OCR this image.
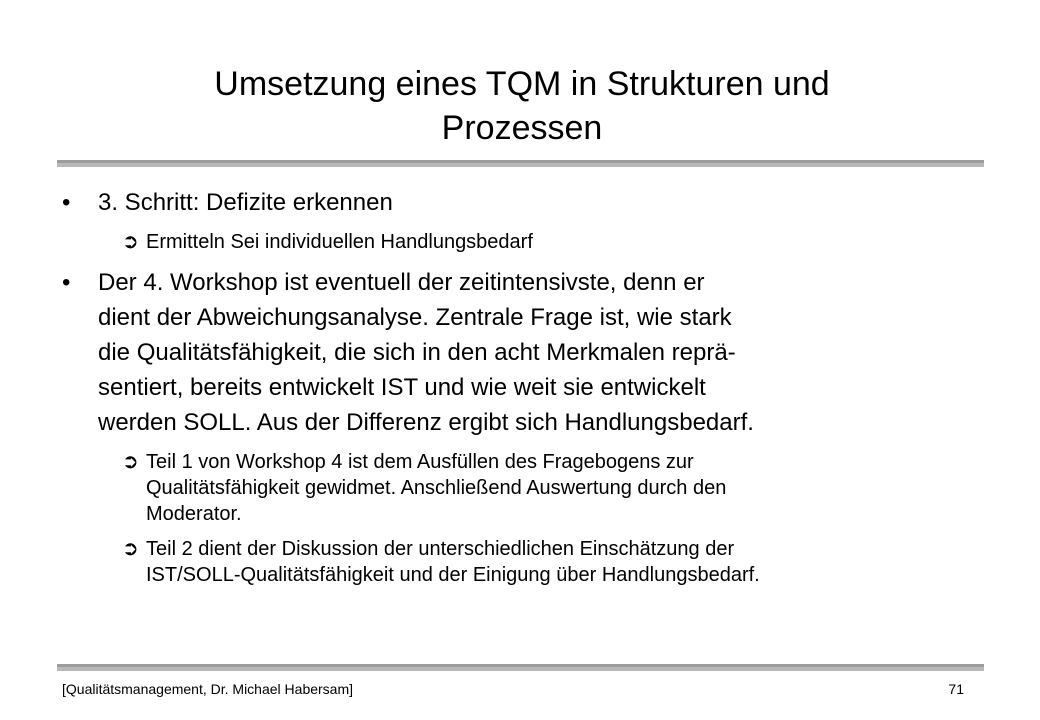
Umsetzung eines TQM in Strukturen und
Prozessen
•	3. Schritt: Defizite erkennen
➲ Ermitteln Sei individuellen Handlungsbedarf
•	Der 4. Workshop ist eventuell der zeitintensivste, denn er
dient der Abweichungsanalyse. Zentrale Frage ist, wie stark
die Qualitätsfähigkeit, die sich in den acht Merkmalen reprä-
sentiert, bereits entwickelt IST und wie weit sie entwickelt
werden SOLL. Aus der Differenz ergibt sich Handlungsbedarf.
➲ Teil 1 von Workshop 4 ist dem Ausfüllen des Fragebogens zur
Qualitätsfähigkeit gewidmet. Anschließend Auswertung durch den
Moderator.
➲ Teil 2 dient der Diskussion der unterschiedlichen Einschätzung der
IST/SOLL-Qualitätsfähigkeit und der Einigung über Handlungsbedarf.
[Qualitätsmanagement, Dr. Michael Habersam]	71
